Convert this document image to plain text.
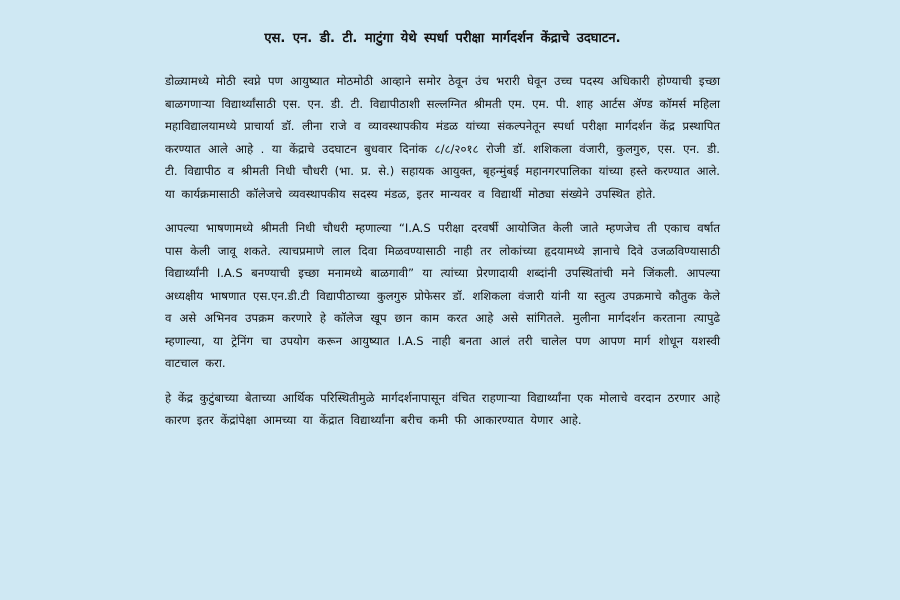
एस. एन. डी. टी. माटुंगा येथे स्पर्धा परीक्षा मार्गदर्शन केंद्राचे उदघाटन.

डोळ्यामध्ये मोठी स्वप्ने पण आयुष्यात मोठमोठी आव्हाने समोर ठेवून उंच भरारी घेवून उच्च पदस्य अधिकारी होण्याची इच्छा बाळगणाऱ्या विद्यार्थ्यांसाठी एस. एन. डी. टी. विद्यापीठाशी सल्लग्नित श्रीमती एम. एम. पी. शाह आर्टस ॲण्ड कॉमर्स महिला महाविद्यालयामध्ये प्राचार्या डॉ. लीना राजे व व्यावस्थापकीय मंडळ यांच्या संकल्पनेतून स्पर्धा परीक्षा मार्गदर्शन केंद्र प्रस्थापित करण्यात आले आहे . या केंद्राचे उदघाटन बुधवार दिनांक ८/८/२०१८ रोजी डॉ. शशिकला वंजारी, कुलगुरु, एस. एन. डी. टी. विद्यापीठ व श्रीमती निधी चौधरी (भा. प्र. से.) सहायक आयुक्त, बृहन्मुंबई महानगरपालिका यांच्या हस्ते करण्यात आले. या कार्यक्रमासाठी कॉलेजचे व्यवस्थापकीय सदस्य मंडळ, इतर मान्यवर व विद्यार्थी मोठ्या संख्येने उपस्थित होते.

आपल्या भाषणामध्ये श्रीमती निधी चौधरी म्हणाल्या “I.A.S परीक्षा दरवर्षी आयोजित केली जाते म्हणजेच ती एकाच वर्षात पास केली जावू शकते. त्याचप्रमाणे लाल दिवा मिळवण्यासाठी नाही तर लोकांच्या हृदयामध्ये ज्ञानाचे दिवे उजळविण्यासाठी विद्यार्थ्यांनी I.A.S बनण्याची इच्छा मनामध्ये बाळगावी” या त्यांच्या प्रेरणादायी शब्दांनी उपस्थितांची मने जिंकली. आपल्या अध्यक्षीय भाषणात एस.एन.डी.टी विद्यापीठाच्या कुलगुरु प्रोफेसर डॉ. शशिकला वंजारी यांनी या स्तुत्य उपक्रमाचे कौतुक केले व असे अभिनव उपक्रम करणारे हे कॉलेज खूप छान काम करत आहे असे सांगितले. मुलीना मार्गदर्शन करताना त्यापुढे म्हणाल्या, या ट्रेनिंग चा उपयोग करून आयुष्यात I.A.S नाही बनता आलं तरी चालेल पण आपण मार्ग शोधून यशस्वी वाटचाल करा.

हे केंद्र कुटुंबाच्या बेताच्या आर्थिक परिस्थितीमुळे मार्गदर्शनापासून वंचित राहणाऱ्या विद्यार्थ्यांना एक मोलाचे वरदान ठरणार आहे कारण इतर केंद्रांपेक्षा आमच्या या केंद्रात विद्यार्थ्यांना बरीच कमी फी आकारण्यात येणार आहे.
